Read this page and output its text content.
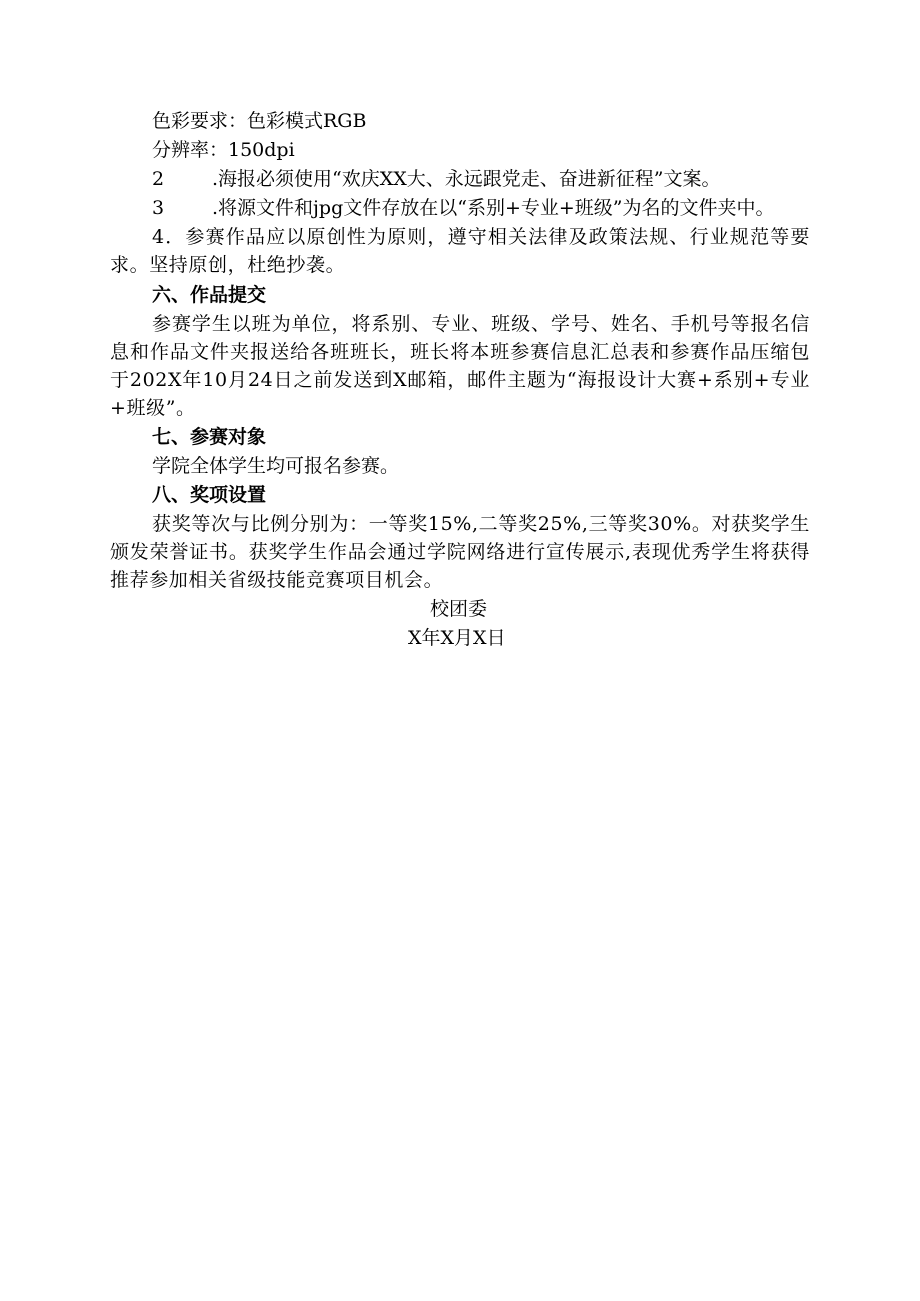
色彩要求：色彩模式RGB
分辨率：150dpi
2	.海报必须使用“欢庆XX大、永远跟党走、奋进新征程”文案。
3	.将源文件和jpg文件存放在以“系别+专业+班级”为名的文件夹中。
4．参赛作品应以原创性为原则，遵守相关法律及政策法规、行业规范等要求。坚持原创，杜绝抄袭。
六、作品提交
参赛学生以班为单位，将系别、专业、班级、学号、姓名、手机号等报名信息和作品文件夹报送给各班班长，班长将本班参赛信息汇总表和参赛作品压缩包于202X年10月24日之前发送到X邮箱，邮件主题为“海报设计大赛+系别+专业+班级”。
七、参赛对象
学院全体学生均可报名参赛。
八、奖项设置
获奖等次与比例分别为：一等奖15%,二等奖25%,三等奖30%。对获奖学生颁发荣誉证书。获奖学生作品会通过学院网络进行宣传展示,表现优秀学生将获得推荐参加相关省级技能竞赛项目机会。
校团委
X年X月X日
